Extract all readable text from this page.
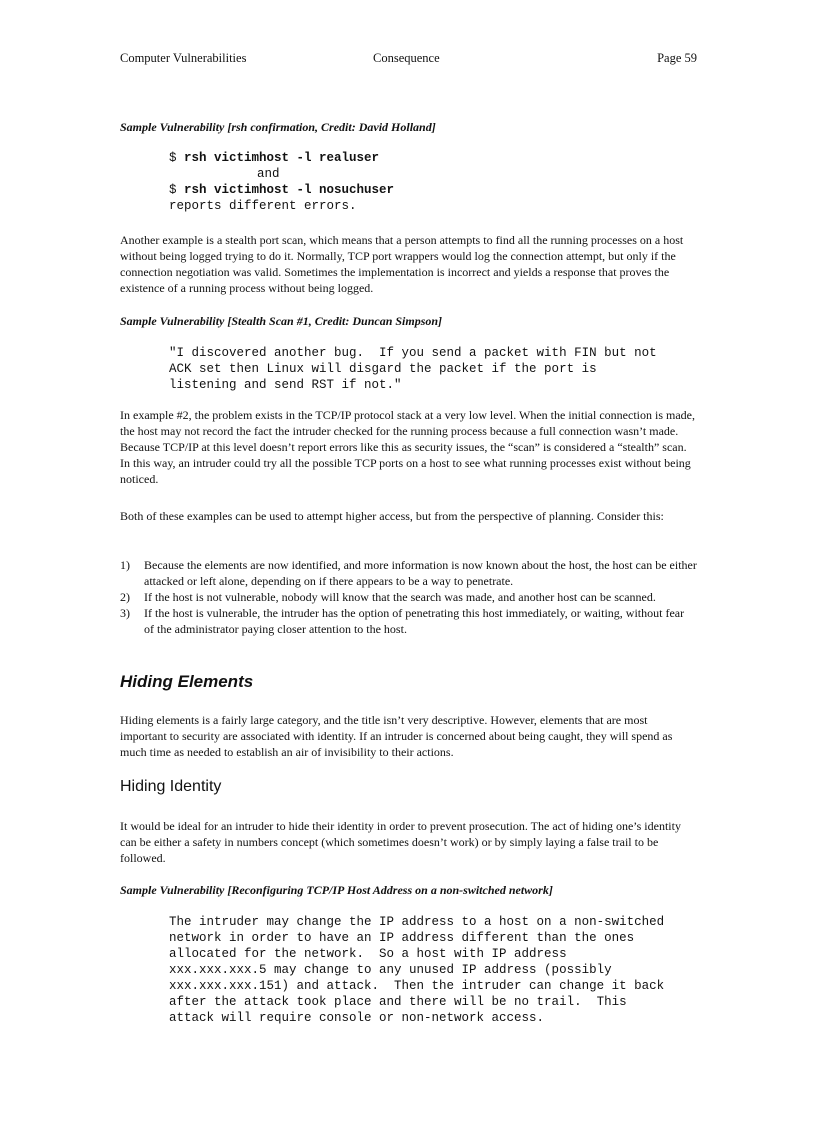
Computer Vulnerabilities	Consequence	Page 59
Sample Vulnerability [rsh confirmation, Credit: David Holland]
$ rsh victimhost -l realuser
and
$ rsh victimhost -l nosuchuser
reports different errors.

Another example is a stealth port scan, which means that a person attempts to find all the running processes on a host without being logged trying to do it. Normally, TCP port wrappers would log the connection attempt, but only if the connection negotiation was valid. Sometimes the implementation is incorrect and yields a response that proves the existence of a running process without being logged.

Sample Vulnerability [Stealth Scan #1, Credit: Duncan Simpson]
"I discovered another bug.  If you send a packet with FIN but not
ACK set then Linux will disgard the packet if the port is
listening and send RST if not."

In example #2, the problem exists in the TCP/IP protocol stack at a very low level. When the initial connection is made, the host may not record the fact the intruder checked for the running process because a full connection wasn’t made. Because TCP/IP at this level doesn’t report errors like this as security issues, the “scan” is considered a “stealth” scan. In this way, an intruder could try all the possible TCP ports on a host to see what running processes exist without being noticed.

Both of these examples can be used to attempt higher access, but from the perspective of planning. Consider this:

1) Because the elements are now identified, and more information is now known about the host, the host can be either attacked or left alone, depending on if there appears to be a way to penetrate.
2) If the host is not vulnerable, nobody will know that the search was made, and another host can be scanned.
3) If the host is vulnerable, the intruder has the option of penetrating this host immediately, or waiting, without fear of the administrator paying closer attention to the host.
Hiding Elements

Hiding elements is a fairly large category, and the title isn’t very descriptive. However, elements that are most important to security are associated with identity. If an intruder is concerned about being caught, they will spend as much time as needed to establish an air of invisibility to their actions.

Hiding Identity

It would be ideal for an intruder to hide their identity in order to prevent prosecution. The act of hiding one’s identity can be either a safety in numbers concept (which sometimes doesn’t work) or by simply laying a false trail to be followed.

Sample Vulnerability [Reconfiguring TCP/IP Host Address on a non-switched network]
The intruder may change the IP address to a host on a non-switched
network in order to have an IP address different than the ones
allocated for the network.  So a host with IP address
xxx.xxx.xxx.5 may change to any unused IP address (possibly
xxx.xxx.xxx.151) and attack.  Then the intruder can change it back
after the attack took place and there will be no trail.  This
attack will require console or non-network access.
